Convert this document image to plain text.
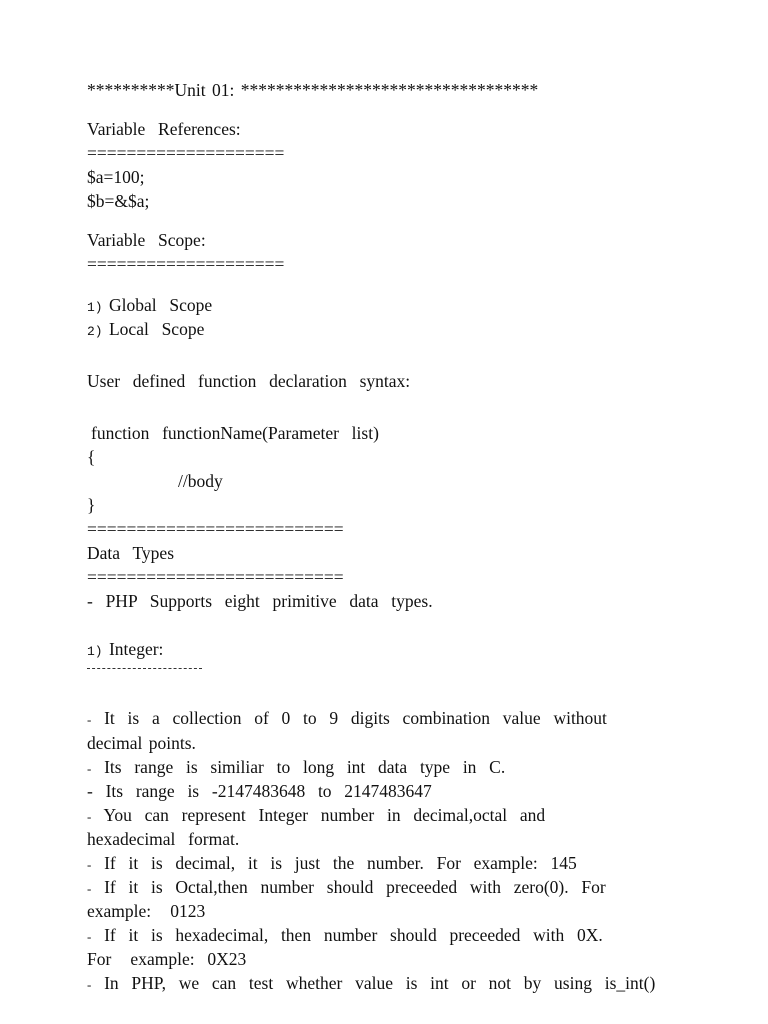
**********Unit 01: **********************************
Variable  References:
====================
$a=100;
$b=&$a;
Variable  Scope:
====================
1) Global  Scope
2) Local  Scope
User  defined  function  declaration  syntax:
function  functionName(Parameter  list)
{
//body
}
==========================
Data  Types
==========================
-  PHP  Supports  eight  primitive  data  types.
1) Integer:
- It  is  a  collection  of  0  to  9  digits  combination  value  without
decimal points.
- Its  range  is  similiar  to  long  int  data  type  in  C.
- Its  range  is  -2147483648  to  2147483647
- You  can  represent  Integer  number  in  decimal,octal  and
hexadecimal  format.
- If  it  is  decimal,  it  is  just  the  number.  For  example:  145
- If  it  is  Octal,then  number  should  preceeded  with  zero(0).  For
example:   0123
- If  it  is  hexadecimal,  then  number  should  preceeded  with  0X.
For   example:  0X23
- In  PHP,  we  can  test  whether  value  is  int  or  not  by  using  is_int()
